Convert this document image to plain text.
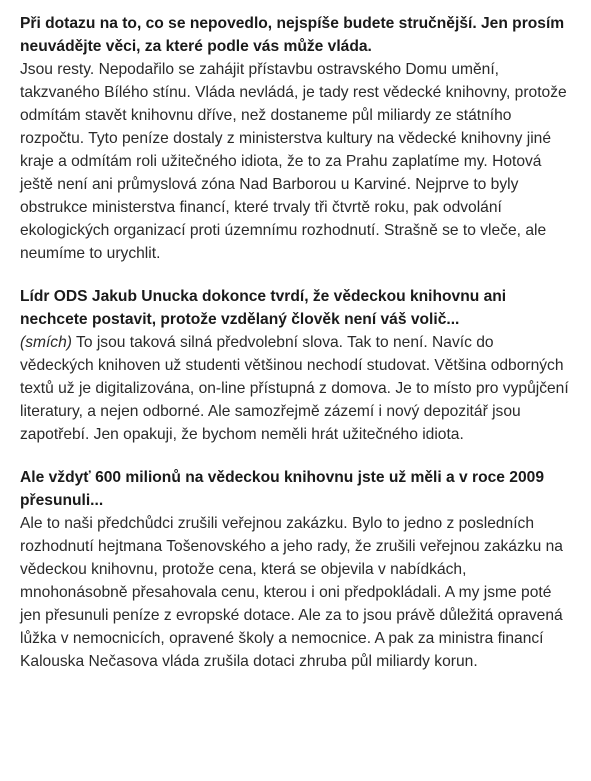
Při dotazu na to, co se nepovedlo, nejspíše budete stručnější. Jen prosím neuvádějte věci, za které podle vás může vláda.

Jsou resty. Nepodařilo se zahájit přístavbu ostravského Domu umění, takzvaného Bílého stínu. Vláda nevládá, je tady rest vědecké knihovny, protože odmítám stavět knihovnu dříve, než dostaneme půl miliardy ze státního rozpočtu. Tyto peníze dostaly z ministerstva kultury na vědecké knihovny jiné kraje a odmítám roli užitečného idiota, že to za Prahu zaplatíme my. Hotová ještě není ani průmyslová zóna Nad Barborou u Karviné. Nejprve to byly obstrukce ministerstva financí, které trvaly tři čtvrtě roku, pak odvolání ekologických organizací proti územnímu rozhodnutí. Strašně se to vleče, ale neumíme to urychlit.

Lídr ODS Jakub Unucka dokonce tvrdí, že vědeckou knihovnu ani nechcete postavit, protože vzdělaný člověk není váš volič...

(smích) To jsou taková silná předvolební slova. Tak to není. Navíc do vědeckých knihoven už studenti většinou nechodí studovat. Většina odborných textů už je digitalizována, on-line přístupná z domova. Je to místo pro vypůjčení literatury, a nejen odborné. Ale samozřejmě zázemí i nový depozitář jsou zapotřebí. Jen opakuji, že bychom neměli hrát užitečného idiota.

Ale vždyť 600 milionů na vědeckou knihovnu jste už měli a v roce 2009 přesunuli...

Ale to naši předchůdci zrušili veřejnou zakázku. Bylo to jedno z posledních rozhodnutí hejtmana Tošenovského a jeho rady, že zrušili veřejnou zakázku na vědeckou knihovnu, protože cena, která se objevila v nabídkách, mnohonásobně přesahovala cenu, kterou i oni předpokládali. A my jsme poté jen přesunuli peníze z evropské dotace. Ale za to jsou právě důležitá opravená lůžka v nemocnicích, opravené školy a nemocnice. A pak za ministra financí Kalouska Nečasova vláda zrušila dotaci zhruba půl miliardy korun.
